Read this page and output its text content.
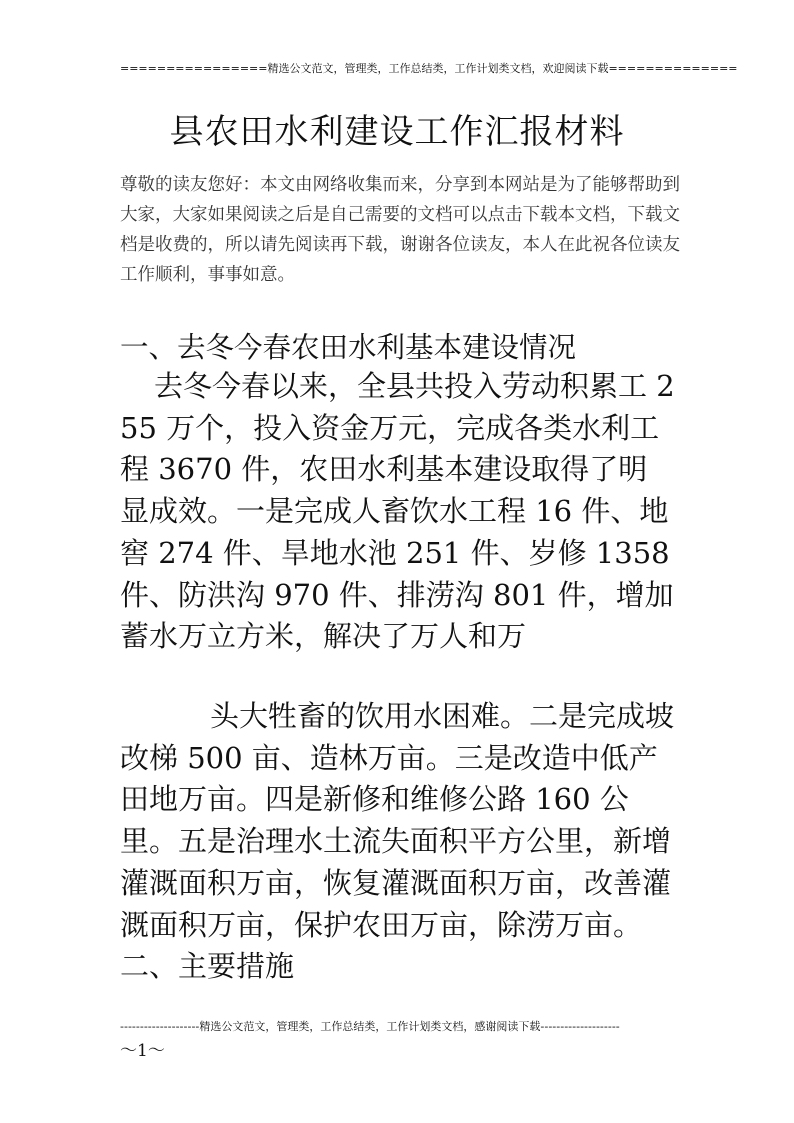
================精选公文范文，管理类，工作总结类，工作计划类文档，欢迎阅读下载==============
县农田水利建设工作汇报材料
尊敬的读友您好：本文由网络收集而来，分享到本网站是为了能够帮助到大家，大家如果阅读之后是自己需要的文档可以点击下载本文档，下载文档是收费的，所以请先阅读再下载，谢谢各位读友，本人在此祝各位读友工作顺利，事事如意。
一、去冬今春农田水利基本建设情况
去冬今春以来，全县共投入劳动积累工 255 万个，投入资金万元，完成各类水利工程 3670 件，农田水利基本建设取得了明显成效。一是完成人畜饮水工程 16 件、地窖 274 件、旱地水池 251 件、岁修 1358 件、防洪沟 970 件、排涝沟 801 件，增加蓄水万立方米，解决了万人和万
头大牲畜的饮用水困难。二是完成坡改梯 500 亩、造林万亩。三是改造中低产田地万亩。四是新修和维修公路 160 公里。五是治理水土流失面积平方公里，新增灌溉面积万亩，恢复灌溉面积万亩，改善灌溉面积万亩，保护农田万亩，除涝万亩。二、主要措施
--------------------精选公文范文，管理类，工作总结类，工作计划类文档，感谢阅读下载--------------------
～1～
